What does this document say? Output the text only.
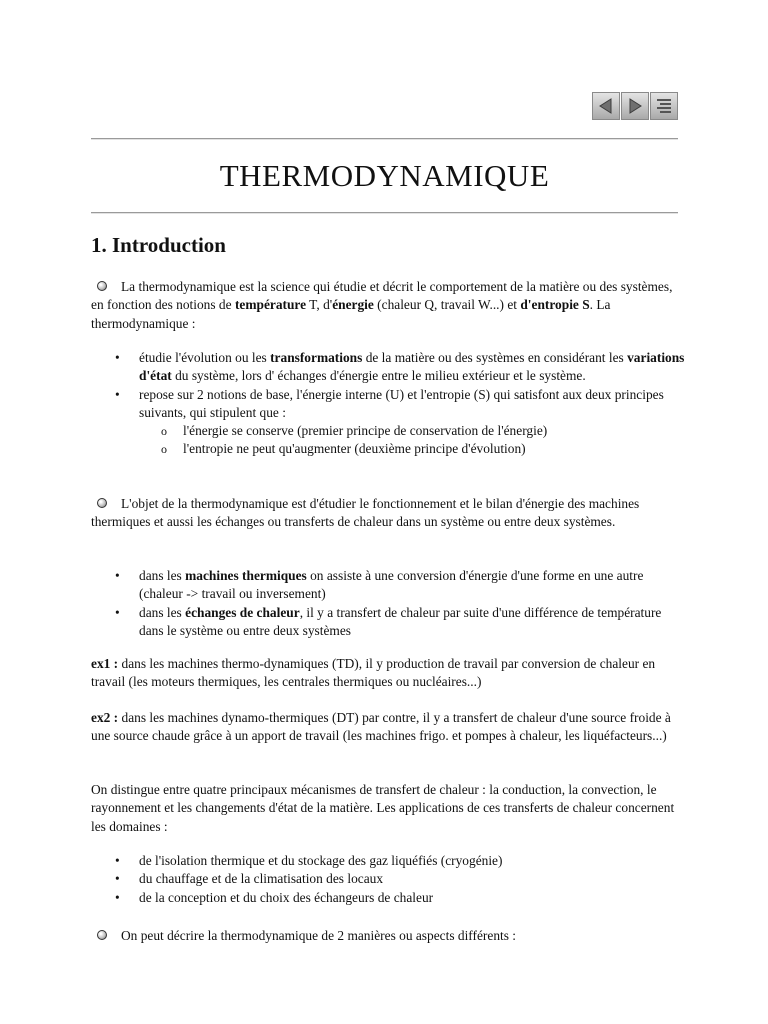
THERMODYNAMIQUE
1. Introduction
La thermodynamique est la science qui étudie et décrit le comportement de la matière ou des systèmes, en fonction des notions de température T, d'énergie (chaleur Q, travail W...) et d'entropie S. La thermodynamique :
• étudie l'évolution ou les transformations de la matière ou des systèmes en considérant les variations d'état du système, lors d' échanges d'énergie entre le milieu extérieur et le système.
• repose sur 2 notions de base, l'énergie interne (U) et l'entropie (S) qui satisfont aux deux principes suivants, qui stipulent que :
o l'énergie se conserve (premier principe de conservation de l'énergie)
o l'entropie ne peut qu'augmenter (deuxième principe d'évolution)
L'objet de la thermodynamique est d'étudier le fonctionnement et le bilan d'énergie des machines thermiques et aussi les échanges ou transferts de chaleur dans un système ou entre deux systèmes.
• dans les machines thermiques on assiste à une conversion d'énergie d'une forme en une autre (chaleur -> travail ou inversement)
• dans les échanges de chaleur, il y a transfert de chaleur par suite d'une différence de température dans le système ou entre deux systèmes
ex1 : dans les machines thermo-dynamiques (TD), il y production de travail par conversion de chaleur en travail (les moteurs thermiques, les centrales thermiques ou nucléaires...)
ex2 : dans les machines dynamo-thermiques (DT) par contre, il y a transfert de chaleur d'une source froide à une source chaude grâce à un apport de travail (les machines frigo. et pompes à chaleur, les liquéfacteurs...)
On distingue entre quatre principaux mécanismes de transfert de chaleur : la conduction, la convection, le rayonnement et les changements d'état de la matière. Les applications de ces transferts de chaleur concernent les domaines :
• de l'isolation thermique et du stockage des gaz liquéfiés (cryogénie)
• du chauffage et de la climatisation des locaux
• de la conception et du choix des échangeurs de chaleur
On peut décrire la thermodynamique de 2 manières ou aspects différents :
